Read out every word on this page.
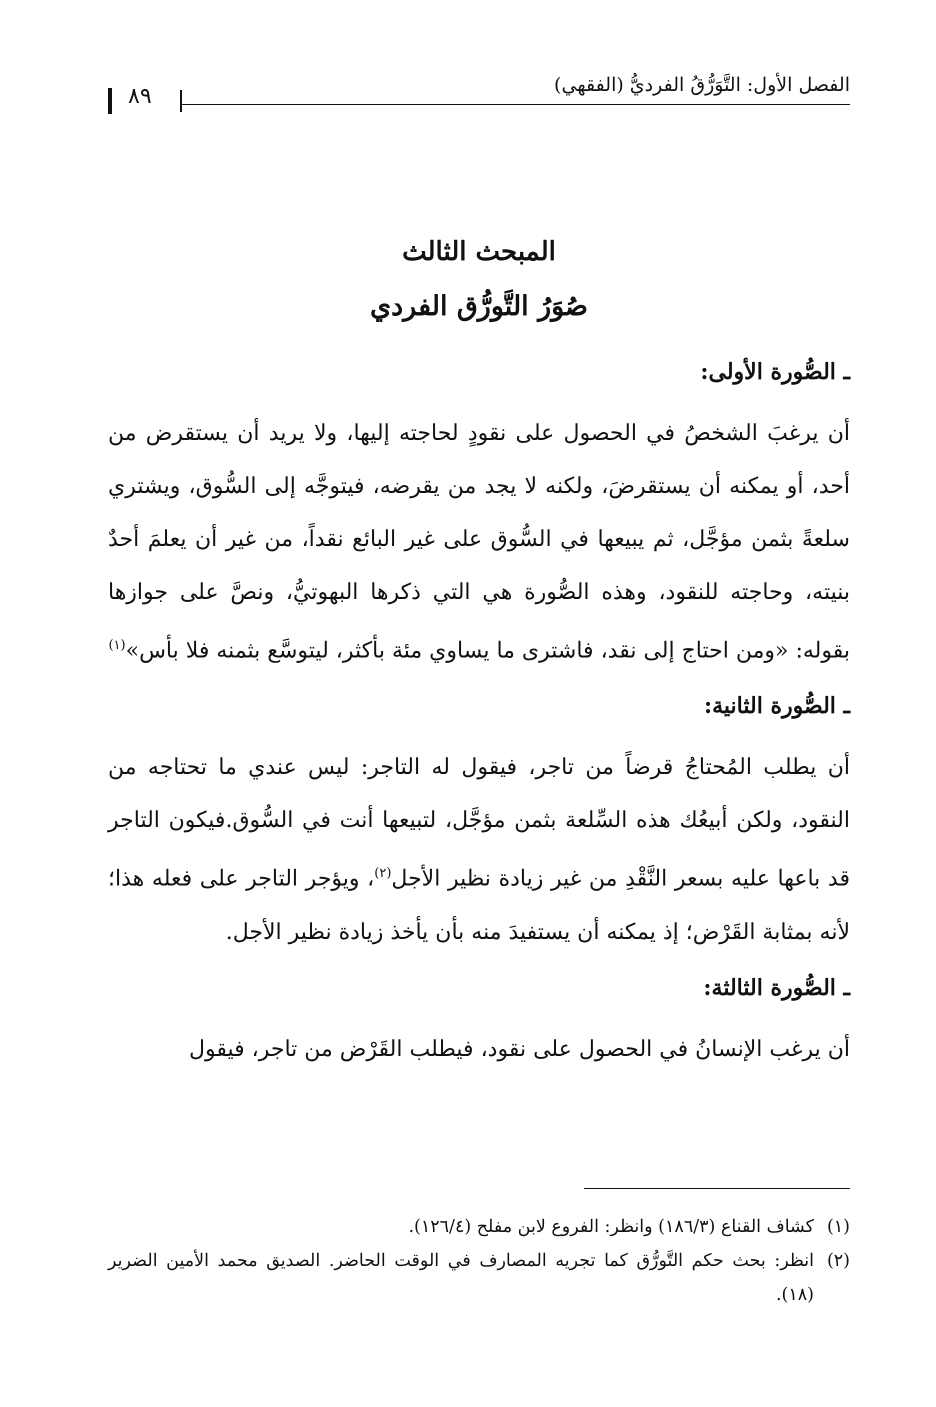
٨٩	الفصل الأول: التَّوَرُّقُ الفرديُّ (الفقهي)
المبحث الثالث
صُوَرُ التَّورُّق الفردي
ـ الصُّورة الأولى:

أن يرغبَ الشخصُ في الحصول على نقودٍ لحاجته إليها، ولا يريد أن يستقرض من أحد، أو يمكنه أن يستقرضَ، ولكنه لا يجد من يقرضه، فيتوجَّه إلى السُّوق، ويشتري سلعةً بثمن مؤجَّل، ثم يبيعها في السُّوق على غير البائع نقداً، من غير أن يعلمَ أحدٌ بنيته، وحاجته للنقود، وهذه الصُّورة هي التي ذكرها البهوتيُّ، ونصَّ على جوازها بقوله: «ومن احتاج إلى نقد، فاشترى ما يساوي مئة بأكثر، ليتوسَّع بثمنه فلا بأس»$^{(١)}$

ـ الصُّورة الثانية:

أن يطلب المُحتاجُ قرضاً من تاجر، فيقول له التاجر: ليس عندي ما تحتاجه من النقود، ولكن أبيعُك هذه السِّلعة بثمن مؤجَّل، لتبيعها أنت في السُّوق.فيكون التاجر قد باعها عليه بسعر النَّقْدِ من غير زيادة نظير الأجل$^{(٢)}$، ويؤجر التاجر على فعله هذا؛ لأنه بمثابة القَرْض؛ إذ يمكنه أن يستفيدَ منه بأن يأخذ زيادة نظير الأجل.

ـ الصُّورة الثالثة:

أن يرغب الإنسانُ في الحصول على نقود، فيطلب القَرْض من تاجر، فيقول

(١)
كشاف القناع (١٨٦/٣) وانظر: الفروع لابن مفلح (١٢٦/٤).
(٢)
انظر: بحث حكم التَّورُّق كما تجريه المصارف في الوقت الحاضر. الصديق محمد الأمين الضرير (١٨).
